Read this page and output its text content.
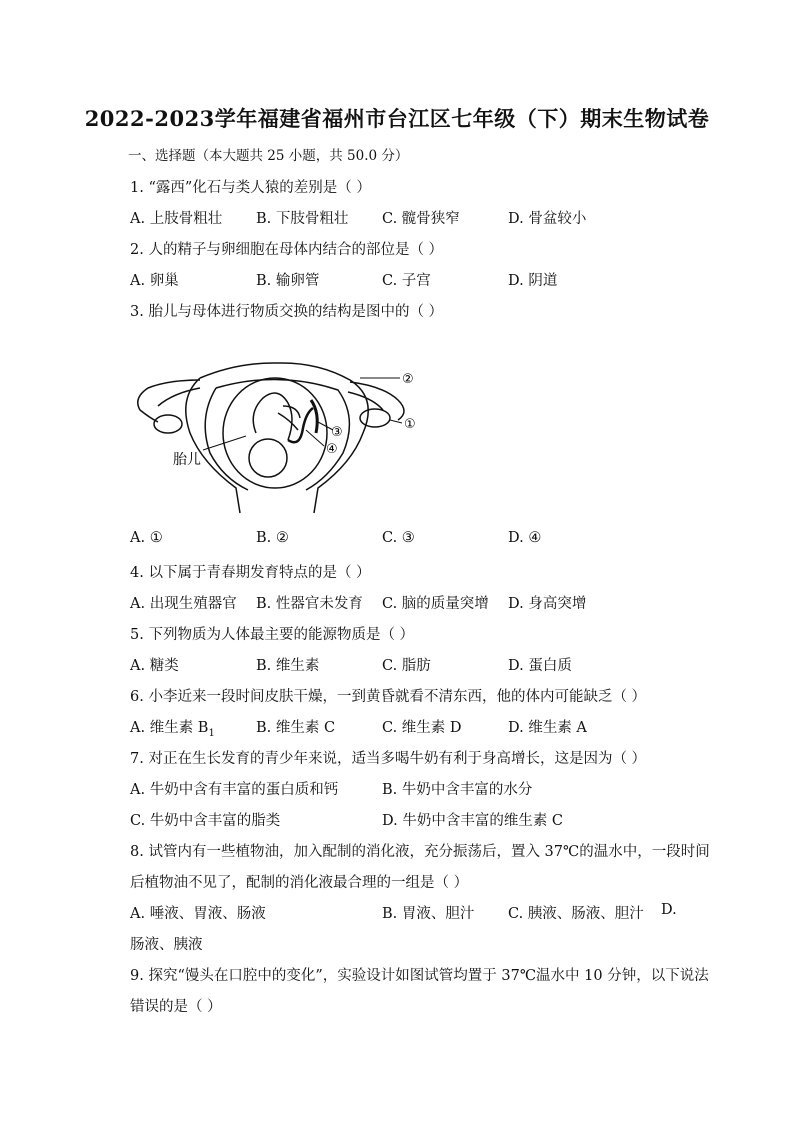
2022-2023学年福建省福州市台江区七年级（下）期末生物试卷
一、选择题（本大题共 25 小题，共 50.0 分）
1. “露西”化石与类人猿的差别是（ ）
A. 上肢骨粗壮 B. 下肢骨粗壮 C. 髋骨狭窄	D. 骨盆较小
2. 人的精子与卵细胞在母体内结合的部位是（ ）
A. 卵巢	B. 输卵管	C. 子宫	D. 阴道
3. 胎儿与母体进行物质交换的结构是图中的（ ）
②
①
③
④
胎儿
A. ①	B. ②	C. ③	D. ④
4. 以下属于青春期发育特点的是（ ）
A. 出现生殖器官 B. 性器官未发育 C. 脑的质量突增 D. 身高突增
5. 下列物质为人体最主要的能源物质是（ ）
A. 糖类	B. 维生素	C. 脂肪	D. 蛋白质
6. 小李近来一段时间皮肤干燥，一到黄昏就看不清东西，他的体内可能缺乏（ ）
A. 维生素 $B_1$	B. 维生素 C	C. 维生素 D	D. 维生素 A
7. 对正在生长发育的青少年来说，适当多喝牛奶有利于身高增长，这是因为（ ）
A. 牛奶中含有丰富的蛋白质和钙	B. 牛奶中含丰富的水分
C. 牛奶中含丰富的脂类	D. 牛奶中含丰富的维生素 C
8. 试管内有一些植物油，加入配制的消化液，充分振荡后，置入 37℃的温水中，一段时间
后植物油不见了，配制的消化液最合理的一组是（ ）
A. 唾液、胃液、肠液	B. 胃液、胆汁 C. 胰液、肠液、胆汁 D.
肠液、胰液
9. 探究“馒头在口腔中的变化”，实验设计如图试管均置于 37℃温水中 10 分钟，以下说法
错误的是（ ）
